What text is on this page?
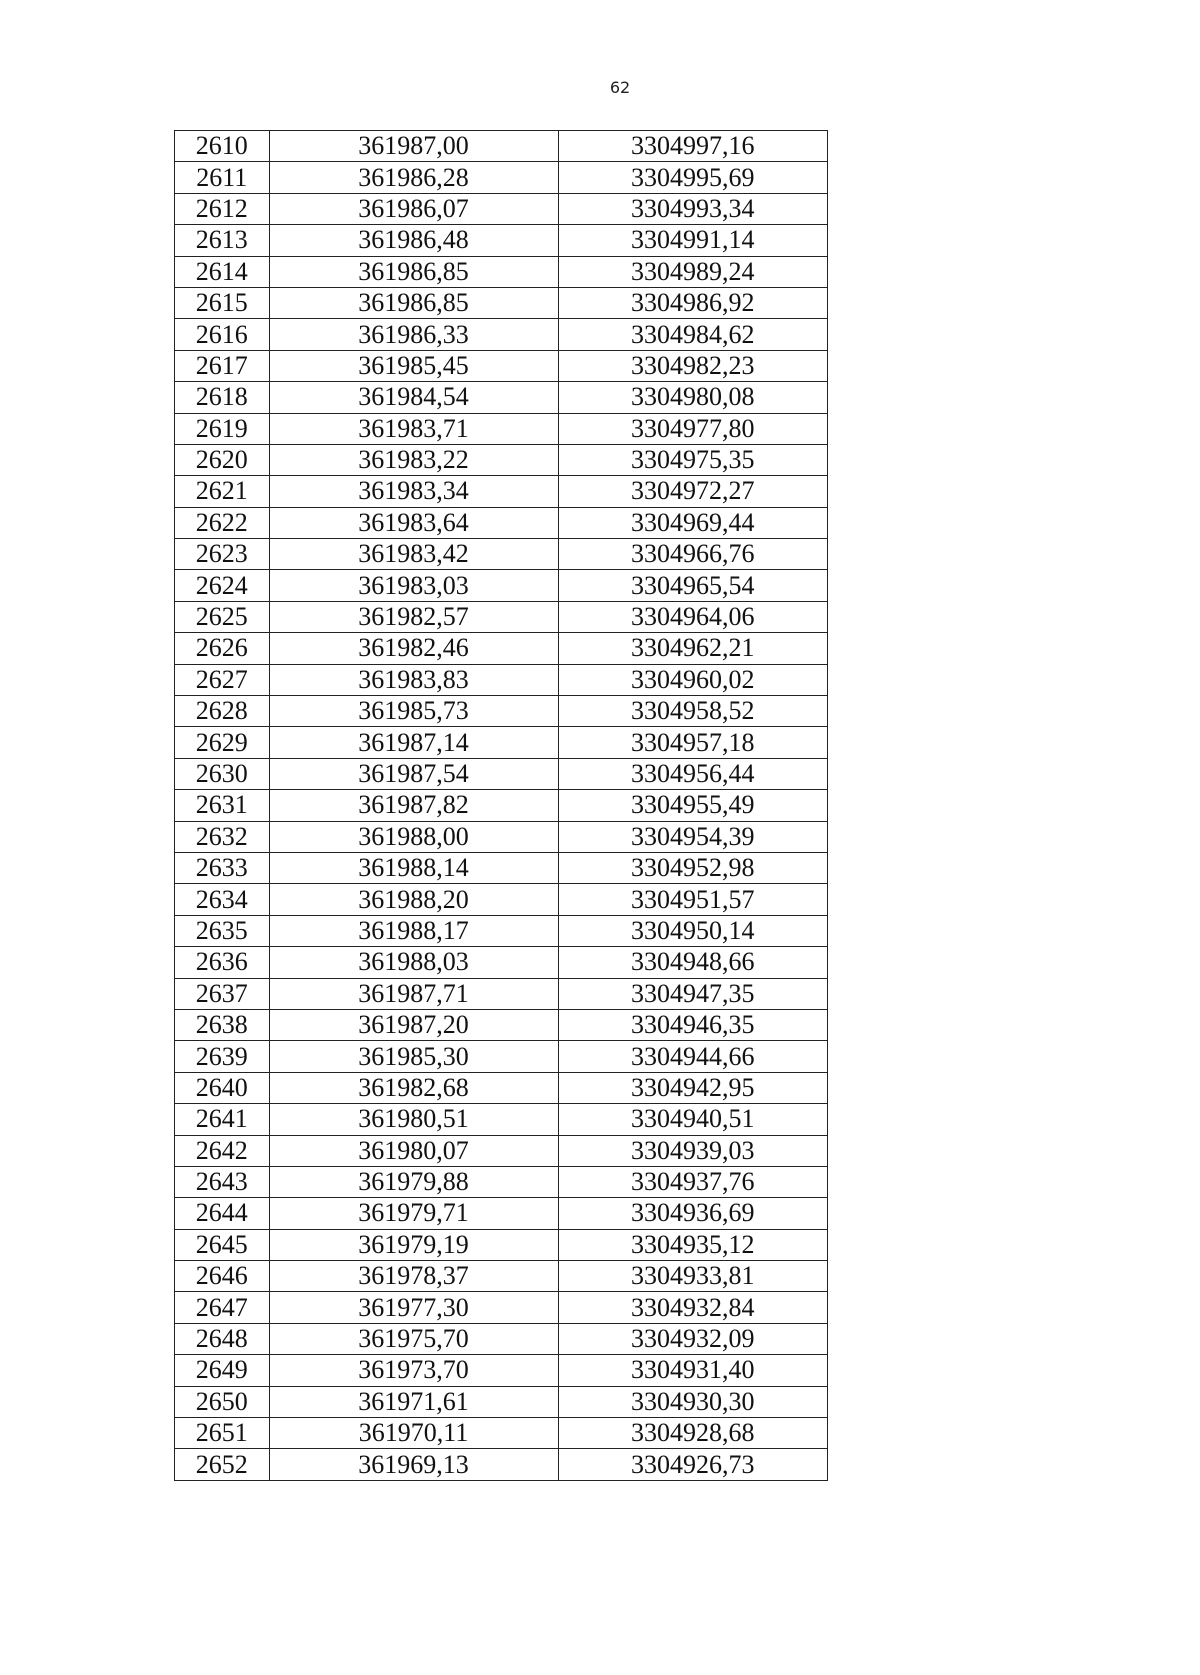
62
2610	361987,00	3304997,16
2611	361986,28	3304995,69
2612	361986,07	3304993,34
2613	361986,48	3304991,14
2614	361986,85	3304989,24
2615	361986,85	3304986,92
2616	361986,33	3304984,62
2617	361985,45	3304982,23
2618	361984,54	3304980,08
2619	361983,71	3304977,80
2620	361983,22	3304975,35
2621	361983,34	3304972,27
2622	361983,64	3304969,44
2623	361983,42	3304966,76
2624	361983,03	3304965,54
2625	361982,57	3304964,06
2626	361982,46	3304962,21
2627	361983,83	3304960,02
2628	361985,73	3304958,52
2629	361987,14	3304957,18
2630	361987,54	3304956,44
2631	361987,82	3304955,49
2632	361988,00	3304954,39
2633	361988,14	3304952,98
2634	361988,20	3304951,57
2635	361988,17	3304950,14
2636	361988,03	3304948,66
2637	361987,71	3304947,35
2638	361987,20	3304946,35
2639	361985,30	3304944,66
2640	361982,68	3304942,95
2641	361980,51	3304940,51
2642	361980,07	3304939,03
2643	361979,88	3304937,76
2644	361979,71	3304936,69
2645	361979,19	3304935,12
2646	361978,37	3304933,81
2647	361977,30	3304932,84
2648	361975,70	3304932,09
2649	361973,70	3304931,40
2650	361971,61	3304930,30
2651	361970,11	3304928,68
2652	361969,13	3304926,73
